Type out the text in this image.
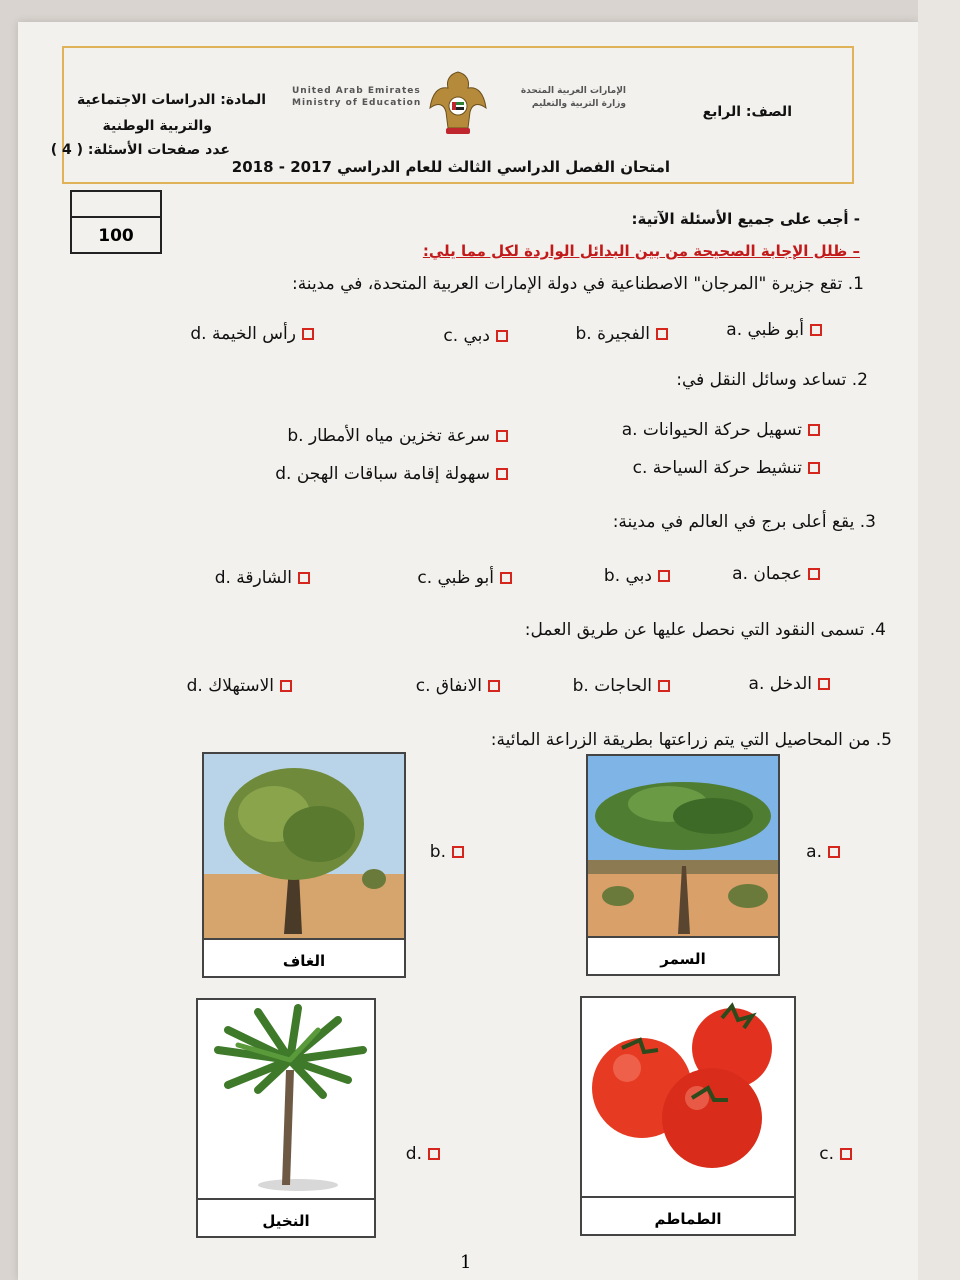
المادة: الدراسات الاجتماعية
والتربية الوطنية
عدد صفحات الأسئلة: ( 4 )
United Arab Emirates
Ministry of Education
الإمارات العربية المتحدة
وزارة التربية والتعليم	الصف: الرابع
امتحان الفصل الدراسي الثالث للعام الدراسي 2017 - 2018
100
- أجب على جميع الأسئلة الآتية:
– ظلل الإجابة الصحيحة من بين البدائل الواردة لكل مما يلي:
1. تقع جزيرة "المرجان" الاصطناعية في دولة الإمارات العربية المتحدة، في مدينة:
a. أبو ظبي
b. الفجيرة
c. دبي
d. رأس الخيمة
2. تساعد وسائل النقل في:
a. تسهيل حركة الحيوانات
b. سرعة تخزين مياه الأمطار
c. تنشيط حركة السياحة
d. سهولة إقامة سباقات الهجن
3. يقع أعلى برج في العالم في مدينة:
a. عجمان
b. دبي
c. أبو ظبي
d. الشارقة
4. تسمى النقود التي نحصل عليها عن طريق العمل:
a. الدخل
b. الحاجات
c. الانفاق
d. الاستهلاك
5. من المحاصيل التي يتم زراعتها بطريقة الزراعة المائية:
a.
السمر
b.
الغاف
c.
الطماطم
d.
النخيل
1
